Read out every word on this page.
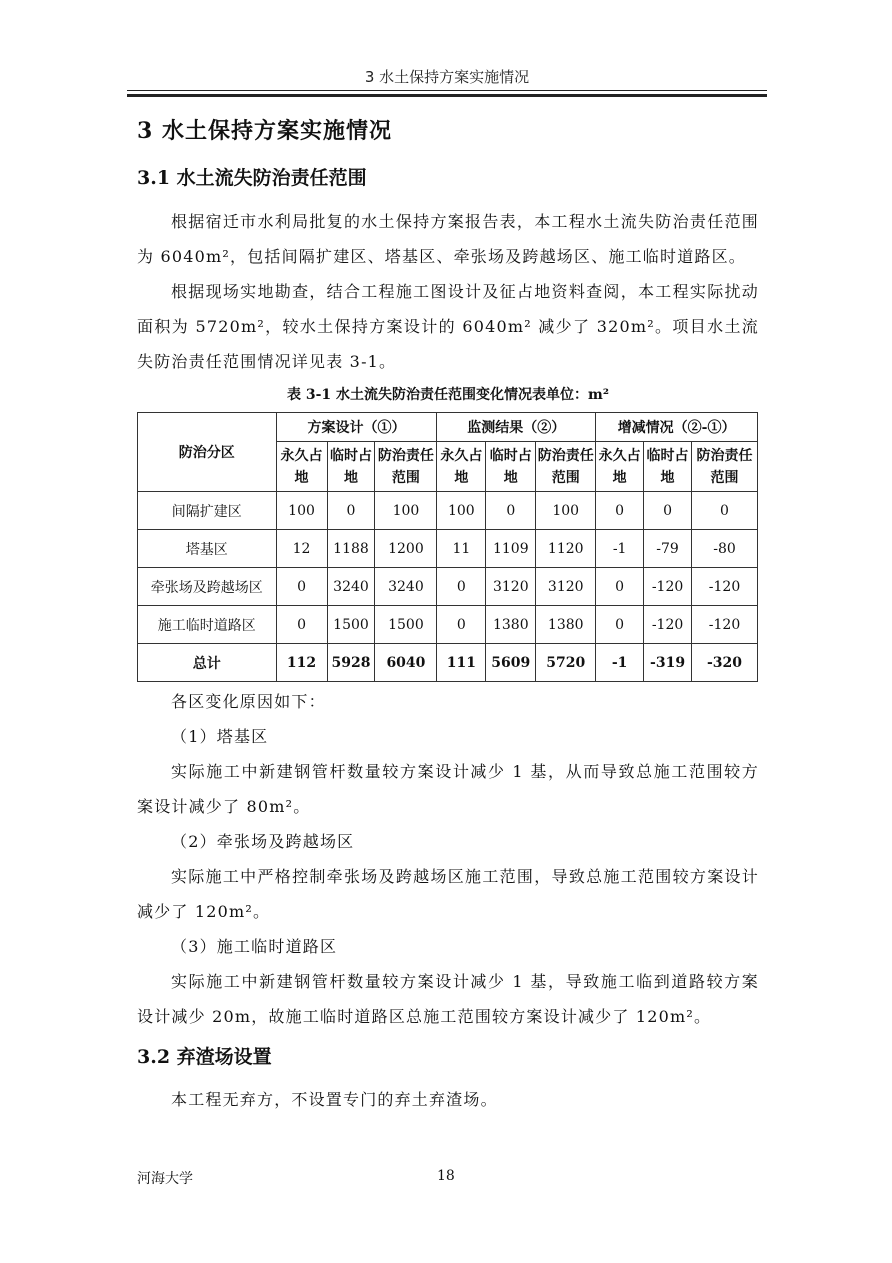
3 水土保持方案实施情况
3 水土保持方案实施情况
3.1 水土流失防治责任范围

根据宿迁市水利局批复的水土保持方案报告表，本工程水土流失防治责任范围为 6040m²，包括间隔扩建区、塔基区、牵张场及跨越场区、施工临时道路区。

根据现场实地勘查，结合工程施工图设计及征占地资料查阅，本工程实际扰动面积为 5720m²，较水土保持方案设计的 6040m² 减少了 320m²。项目水土流失防治责任范围情况详见表 3-1。

表 3-1 水土流失防治责任范围变化情况表单位：m²
防治分区	方案设计（①）			监测结果（②）			增减情况（②-①）		
	永久占地	临时占地	防治责任范围	永久占地	临时占地	防治责任范围	永久占地	临时占地	防治责任范围
间隔扩建区	100	0	100	100	0	100	0	0	0
塔基区	12	1188	1200	11	1109	1120	-1	-79	-80
牵张场及跨越场区	0	3240	3240	0	3120	3120	0	-120	-120
施工临时道路区	0	1500	1500	0	1380	1380	0	-120	-120
总计	112	5928	6040	111	5609	5720	-1	-319	-320

各区变化原因如下：

（1）塔基区

实际施工中新建钢管杆数量较方案设计减少 1 基，从而导致总施工范围较方案设计减少了 80m²。

（2）牵张场及跨越场区

实际施工中严格控制牵张场及跨越场区施工范围，导致总施工范围较方案设计减少了 120m²。

（3）施工临时道路区

实际施工中新建钢管杆数量较方案设计减少 1 基，导致施工临到道路较方案设计减少 20m，故施工临时道路区总施工范围较方案设计减少了 120m²。

3.2 弃渣场设置

本工程无弃方，不设置专门的弃土弃渣场。

河海大学	18
